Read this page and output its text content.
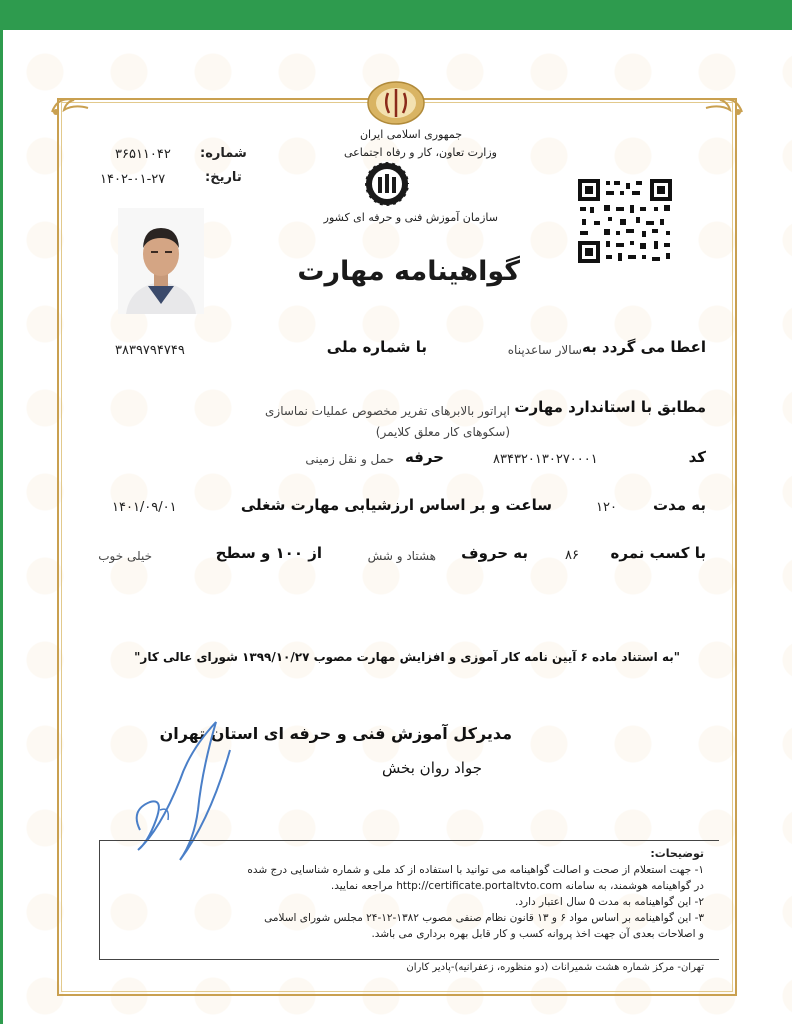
جمهوری اسلامی ایران
وزارت تعاون، کار و رفاه اجتماعی
سازمان آموزش فنی و حرفه ای کشور
شماره:
۳۶۵۱۱۰۴۲
تاریخ:
۱۴۰۲-۰۱-۲۷
گواهینامه مهارت
اعطا می گردد به
سالار ساعدپناه
با شماره ملی
۳۸۳۹۷۹۴۷۴۹
مطابق با استاندارد مهارت
اپراتور بالابرهای تفریر مخصوص عملیات نماسازی
(سکوهای کار معلق کلایمر)
کد
۸۳۴۳۲۰۱۳۰۲۷۰۰۰۱
حرفه
حمل و نقل زمینی
به مدت
۱۲۰
ساعت و بر اساس ارزشیابی مهارت شغلی
۱۴۰۱/۰۹/۰۱
با کسب نمره
۸۶
به حروف
هشتاد و شش
از ۱۰۰ و سطح
خیلی خوب
"به استناد ماده ۶ آیین نامه کار آموزی و افزایش مهارت مصوب ۱۳۹۹/۱۰/۲۷ شورای عالی کار"
مدیرکل آموزش فنی و حرفه ای استان تهران
جواد روان بخش
توضیحات:
۱- جهت استعلام از صحت و اصالت گواهینامه می توانید با استفاده از کد ملی و شماره شناسایی درج شده
در گواهینامه هوشمند، به سامانه http://certificate.portaltvto.com مراجعه نمایید.
۲- این گواهینامه به مدت ۵ سال اعتبار دارد.
۳- این گواهینامه بر اساس مواد ۶ و ۱۳ قانون نظام صنفی مصوب ۱۳۸۲-۱۲-۲۴ مجلس شورای اسلامی
و اصلاحات بعدی آن جهت اخذ پروانه کسب و کار قابل بهره برداری می باشد.
تهران- مرکز شماره هشت شمیرانات (دو منظوره، زعفرانیه)-پادیر کاران
